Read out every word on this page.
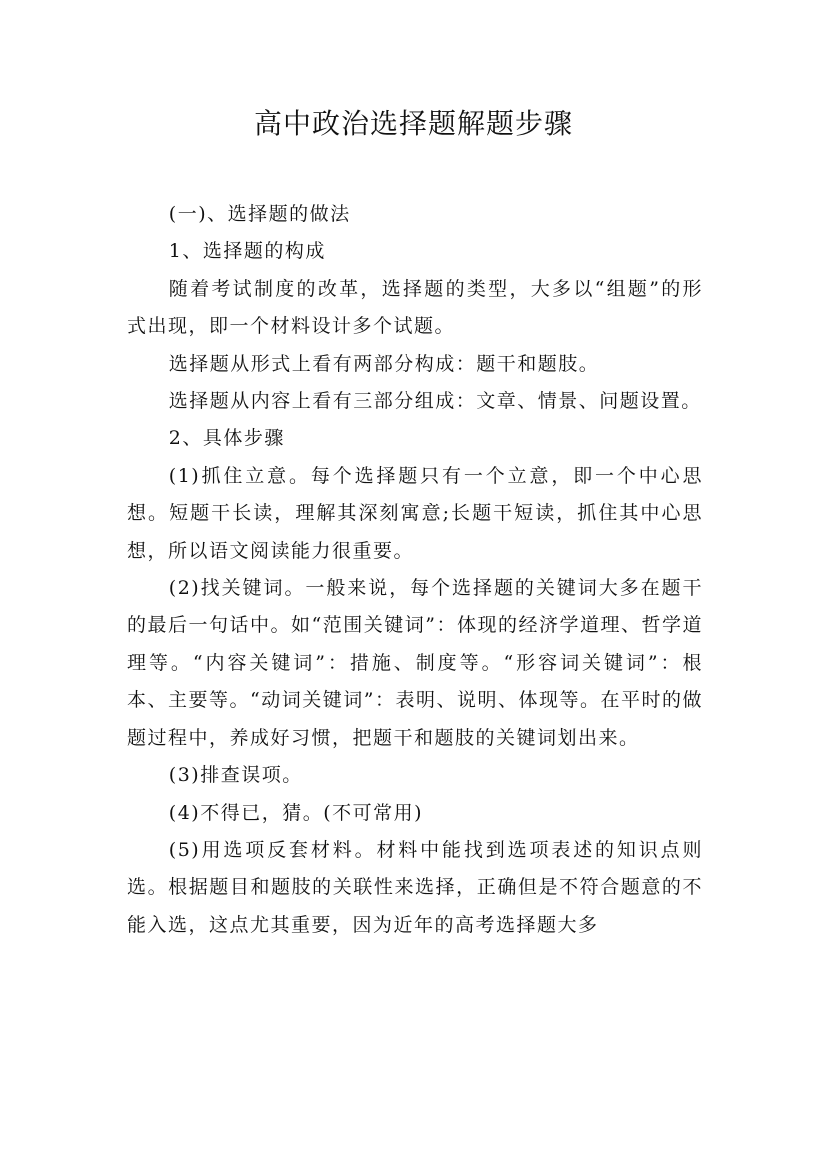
高中政治选择题解题步骤

(一)、选择题的做法

1、选择题的构成

随着考试制度的改革，选择题的类型，大多以“组题”的形式出现，即一个材料设计多个试题。

选择题从形式上看有两部分构成：题干和题肢。

选择题从内容上看有三部分组成：文章、情景、问题设置。

2、具体步骤

(1)抓住立意。每个选择题只有一个立意，即一个中心思想。短题干长读，理解其深刻寓意;长题干短读，抓住其中心思想，所以语文阅读能力很重要。

(2)找关键词。一般来说，每个选择题的关键词大多在题干的最后一句话中。如“范围关键词”：体现的经济学道理、哲学道理等。“内容关键词”：措施、制度等。“形容词关键词”：根本、主要等。“动词关键词”：表明、说明、体现等。在平时的做题过程中，养成好习惯，把题干和题肢的关键词划出来。

(3)排查误项。

(4)不得已，猜。(不可常用)

(5)用选项反套材料。材料中能找到选项表述的知识点则选。根据题目和题肢的关联性来选择，正确但是不符合题意的不能入选，这点尤其重要，因为近年的高考选择题大多
